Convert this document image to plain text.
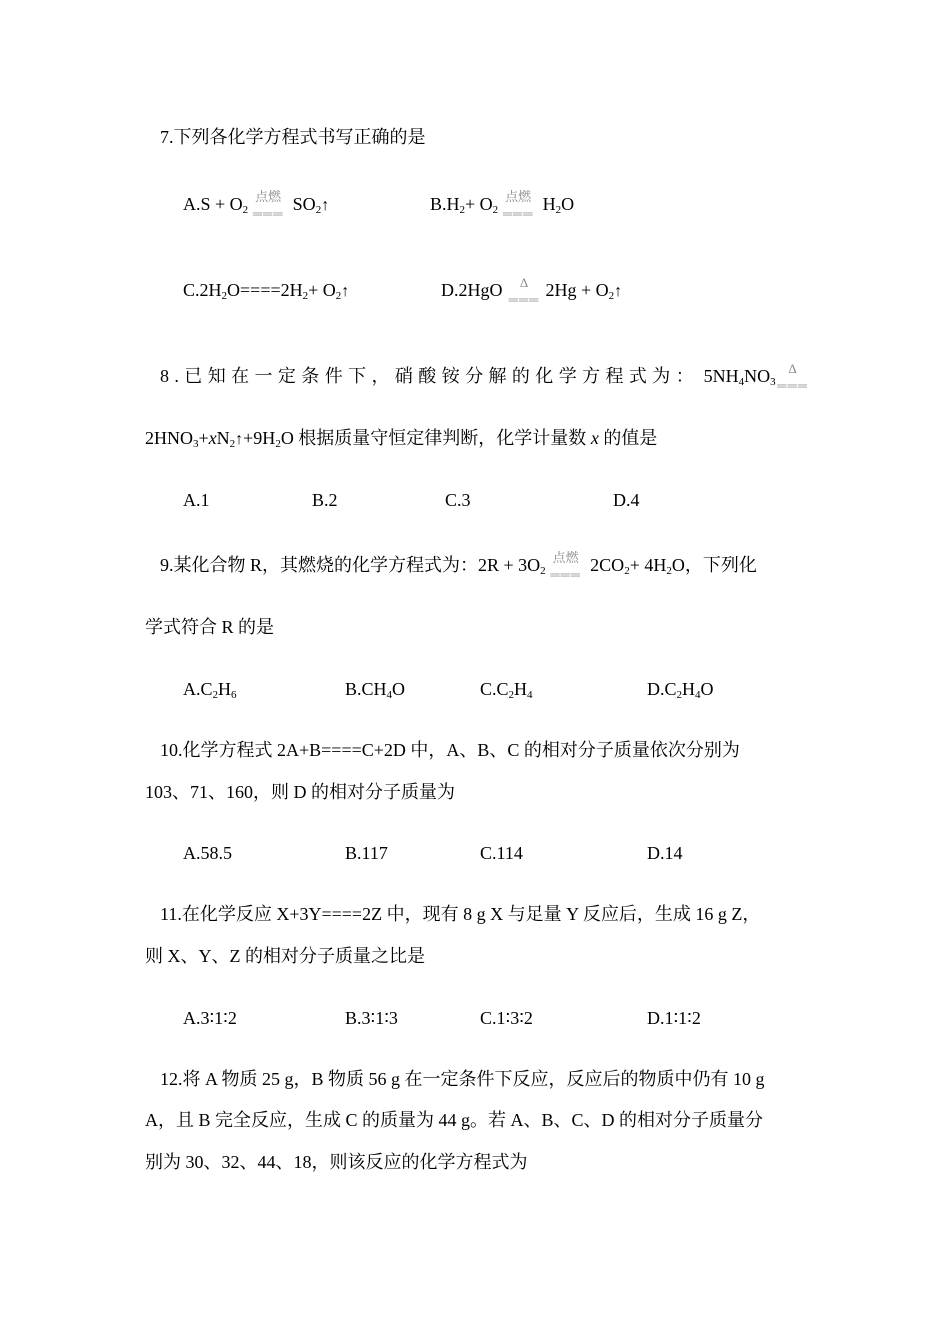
7.下列各化学方程式书写正确的是
$A.S + O_2$
点燃
═══ $SO_2↑$	$B.H_2+ O_2$
点燃
═══ $H_2O$
$C.2H_2O====2H_2+$ $O_2↑$	D.2HgO Δ
═══ $2Hg + O_2↑$
8.已知在一定条件下，硝酸铵分解的化学方程式为： $5NH_4NO_3$
Δ
═══
$2HNO_3+xN_2↑+9H_2O$ 根据质量守恒定律判断，化学计量数 x 的值是
A.1	B.2	C.3	D.4
9.某化合物 R，其燃烧的化学方程式为：$2R + 3O_2$
点燃
═══ $2CO_2+ 4H_2O$，下列化
学式符合 R 的是
$A.C_2H_6$	$B.CH_4O$	$C.C_2H_4$	$D.C_2H_4O$
10.化学方程式 2A+B====C+2D 中，A、B、C 的相对分子质量依次分别为
103、71、160，则 D 的相对分子质量为
A.58.5	B.117	C.114	D.14
11.在化学反应 X+3Y====2Z 中，现有 8 g X 与足量 Y 反应后，生成 16 g Z，
则 X、Y、Z 的相对分子质量之比是
A.3∶1∶2	B.3∶1∶3	C.1∶3∶2	D.1∶1∶2
12.将 A 物质 25 g，B 物质 56 g 在一定条件下反应，反应后的物质中仍有 10 g
A，且 B 完全反应，生成 C 的质量为 44 g。若 A、B、C、D 的相对分子质量分
别为 30、32、44、18，则该反应的化学方程式为
